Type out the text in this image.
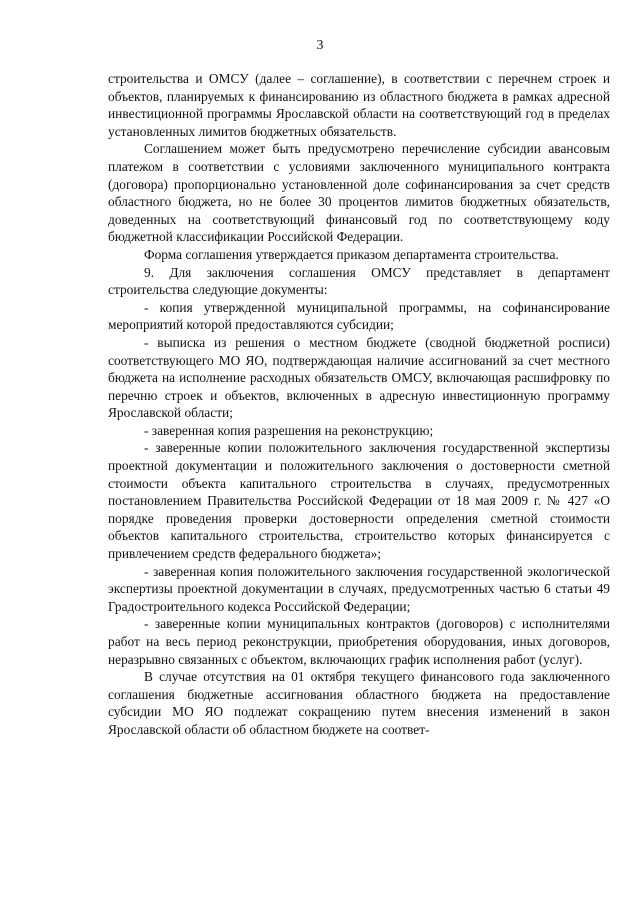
3

строительства и ОМСУ (далее – соглашение), в соответствии с перечнем строек и объектов, планируемых к финансированию из областного бюджета в рамках адресной инвестиционной программы Ярославской области на соответствующий год в пределах установленных лимитов бюджетных обязательств.

Соглашением может быть предусмотрено перечисление субсидии авансовым платежом в соответствии с условиями заключенного муниципального контракта (договора) пропорционально установленной доле софинансирования за счет средств областного бюджета, но не более 30 процентов лимитов бюджетных обязательств, доведенных на соответствующий финансовый год по соответствующему коду бюджетной классификации Российской Федерации.

Форма соглашения утверждается приказом департамента строительства.

9. Для заключения соглашения ОМСУ представляет в департамент строительства следующие документы:

- копия утвержденной муниципальной программы, на софинансирование мероприятий которой предоставляются субсидии;

- выписка из решения о местном бюджете (сводной бюджетной росписи) соответствующего МО ЯО, подтверждающая наличие ассигнований за счет местного бюджета на исполнение расходных обязательств ОМСУ, включающая расшифровку по перечню строек и объектов, включенных в адресную инвестиционную программу Ярославской области;

- заверенная копия разрешения на реконструкцию;

- заверенные копии положительного заключения государственной экспертизы проектной документации и положительного заключения о достоверности сметной стоимости объекта капитального строительства в случаях, предусмотренных постановлением Правительства Российской Федерации от 18 мая 2009 г. № 427 «О порядке проведения проверки достоверности определения сметной стоимости объектов капитального строительства, строительство которых финансируется с привлечением средств федерального бюджета»;

- заверенная копия положительного заключения государственной экологической экспертизы проектной документации в случаях, предусмотренных частью 6 статьи 49 Градостроительного кодекса Российской Федерации;

- заверенные копии муниципальных контрактов (договоров) с исполнителями работ на весь период реконструкции, приобретения оборудования, иных договоров, неразрывно связанных с объектом, включающих график исполнения работ (услуг).

В случае отсутствия на 01 октября текущего финансового года заключенного соглашения бюджетные ассигнования областного бюджета на предоставление субсидии МО ЯО подлежат сокращению путем внесения изменений в закон Ярославской области об областном бюджете на соответ-
